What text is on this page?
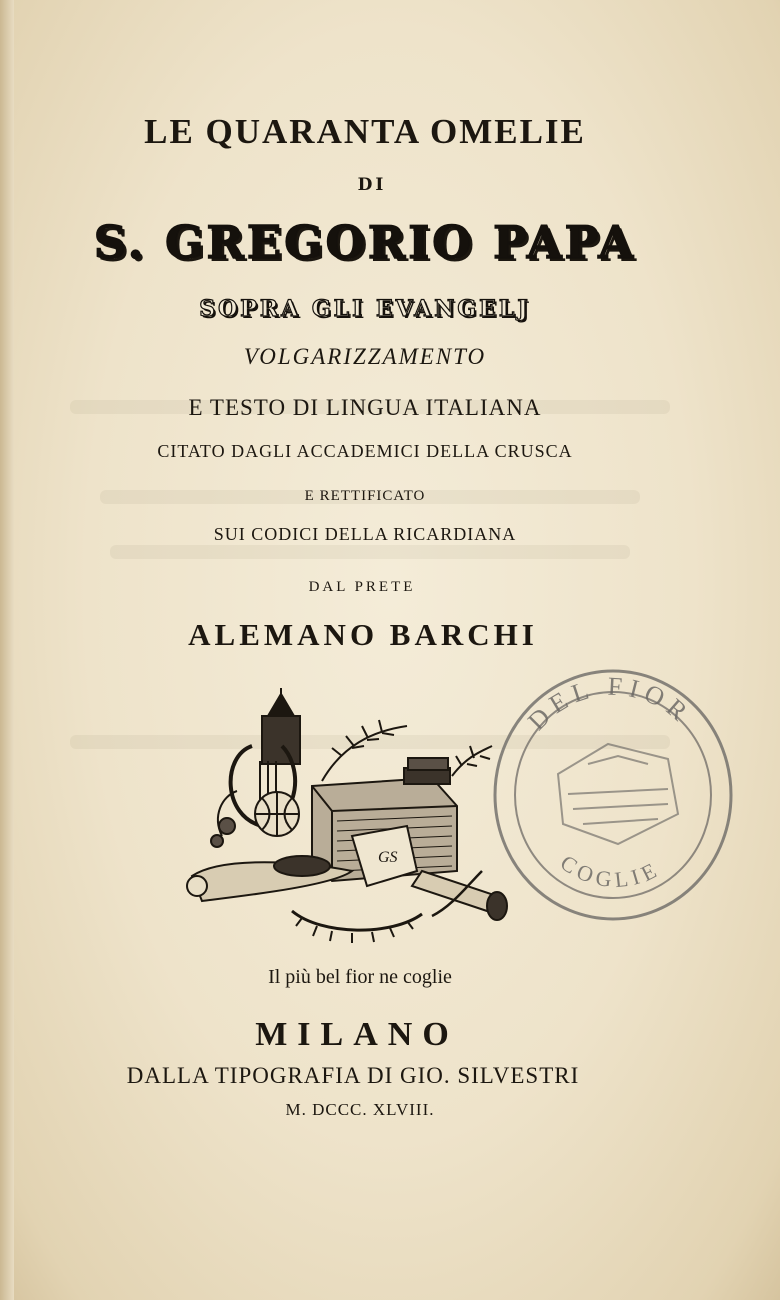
LE QUARANTA OMELIE
DI
S. GREGORIO PAPA
SOPRA GLI EVANGELJ
VOLGARIZZAMENTO
E TESTO DI LINGUA ITALIANA
CITATO DAGLI ACCADEMICI DELLA CRUSCA
E RETTIFICATO
SUI CODICI DELLA RICARDIANA
DAL PRETE
ALEMANO BARCHI
GS
DEL FIOR
COGLIE
Il più bel fior ne coglie
MILANO
DALLA TIPOGRAFIA DI GIO. SILVESTRI
M. DCCC. XLVIII.
